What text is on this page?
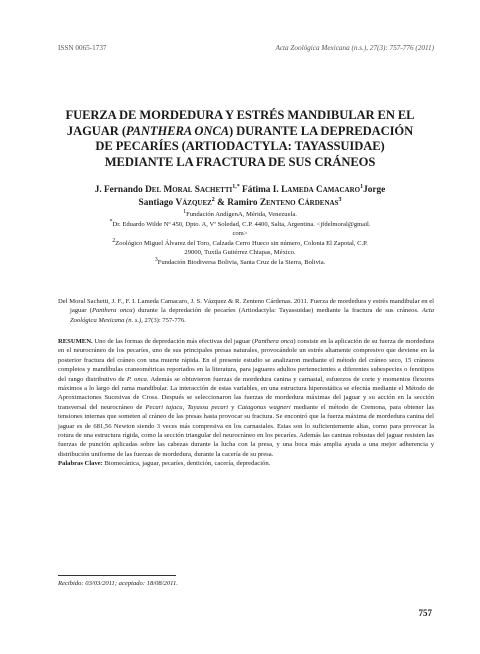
ISSN 0065-1737	Acta Zoológica Mexicana (n.s.), 27(3): 757-776 (2011)
FUERZA DE MORDEDURA Y ESTRÉS MANDIBULAR EN EL
JAGUAR (PANTHERA ONCA) DURANTE LA DEPREDACIÓN
DE PECARÍES (ARTIODACTYLA: TAYASSUIDAE)
MEDIANTE LA FRACTURA DE SUS CRÁNEOS
J. Fernando Del Moral Sachetti$^{1,*}$ Fátima I. Lameda Camacaro$^1$Jorge
Santiago Vázquez$^2$ & Ramiro Zenteno Cárdenas$^3$
$^1$Fundación AndígenA, Mérida, Venezuela.
*Dr. Eduardo Wilde Nº 450, Dpto. A, Vª Soledad, C.P. 4400, Salta, Argentina. <jfdelmoral@gmail.
com>
$^2$Zoológico Miguel Álvarez del Toro, Calzada Cerro Hueco sin número, Colonia El Zapotal, C.P.
29000, Tuxtla Gutiérrez Chiapas, México.
$^3$Fundación Biodiversa Bolivia, Santa Cruz de la Sierra, Bolivia.
Del Moral Sachetti, J. F., F. I. Lameda Camacaro, J. S. Vázquez & R. Zenteno Cárdenas. 2011. Fuerza de mordedura y estrés mandibular en el jaguar (Panthera onca) durante la depredación de pecaríes (Artiodactyla: Tayassuidae) mediante la fractura de sus cráneos. Acta Zoológica Mexicana (n. s.), 27(3): 757-776.
RESUMEN. Uno de las formas de depredación más efectivas del jaguar (Panthera onca) consiste en la aplicación de su fuerza de mordedura en el neurocráneo de los pecaríes, uno de sus principales presas naturales, provocándole un estrés altamente compresivo que deviene en la posterior fractura del cráneo con una muerte rápida. En el presente estudio se analizaron mediante el método del cráneo seco, 15 cráneos completos y mandíbulas craneométricas reportados en la literatura, para jaguares adultos pertenecientes a diferentes subespecies o fenotipos del rango distributivo de P. onca. Además se obtuvieron fuerzas de mordedura canina y carnasial, esfuerzos de corte y momentos flexores máximos a lo largo del rama mandibular. La interacción de estas variables, en una estructura hiperestática se efectúa mediante el Método de Aproximaciones Sucesivas de Cross. Después se seleccionaron las fuerzas de mordedura máximas del jaguar y su acción en la sección transversal del neurocráneo de Pecari tajacu, Tayassu pecari y Catagonus wagneri mediante el método de Cremona, para obtener las tensiones internas que someten al cráneo de las presas hasta provocar su fractura. Se encontró que la fuerza máxima de mordedura canina del jaguar es de 681,56 Newton siendo 3 veces más compresiva en los carnasiales. Estas son lo suficientemente altas, como para provocar la rotura de una estructura rígida, como la sección triangular del neurocráneo en los pecaríes. Además las caninas robustas del jaguar resisten las fuerzas de punción aplicadas sobre las cabezas durante la lucha con la presa, y una boca más amplia ayuda a una mejor adherencia y distribución uniforme de las fuerzas de mordedura, durante la cacería de su presa.
Palabras Clave: Biomecánica, jaguar, pecaríes, dentición, cacería, depredación.
Recibido: 03/03/2011; aceptado: 18/08/2011.
757
